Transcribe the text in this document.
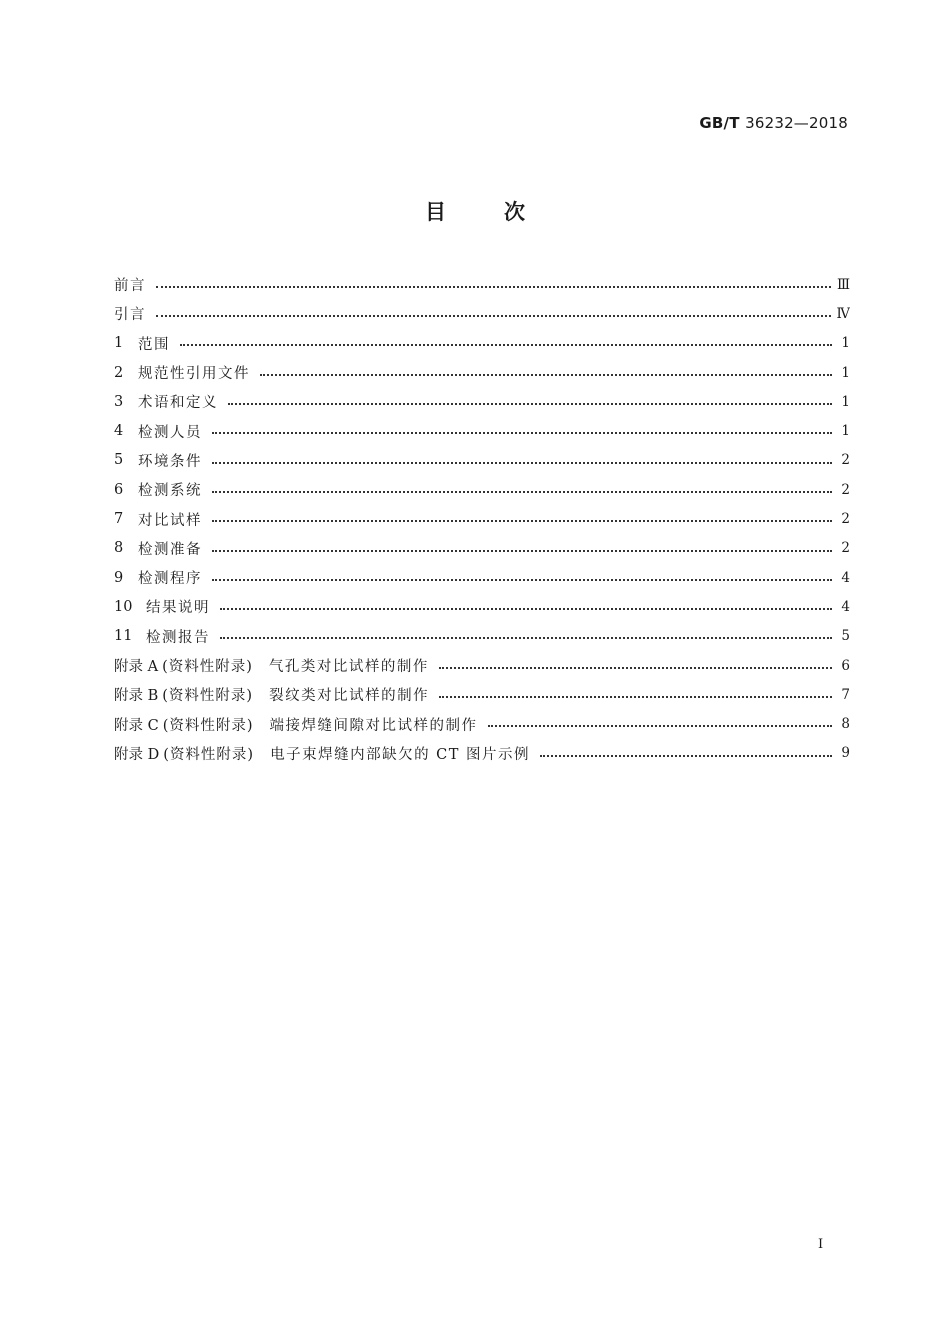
GB/T 36232—2018
目	次
前言	Ⅲ
引言	Ⅳ
1	范围	1
2	规范性引用文件	1
3	术语和定义	1
4	检测人员	1
5	环境条件	2
6	检测系统	2
7	对比试样	2
8	检测准备	2
9	检测程序	4
10 结果说明	4
11 检测报告	5
附录 A (资料性附录) 气孔类对比试样的制作	6
附录 B (资料性附录) 裂纹类对比试样的制作	7
附录 C (资料性附录) 端接焊缝间隙对比试样的制作	8
附录 D (资料性附录) 电子束焊缝内部缺欠的 CT 图片示例	9
Ⅰ
